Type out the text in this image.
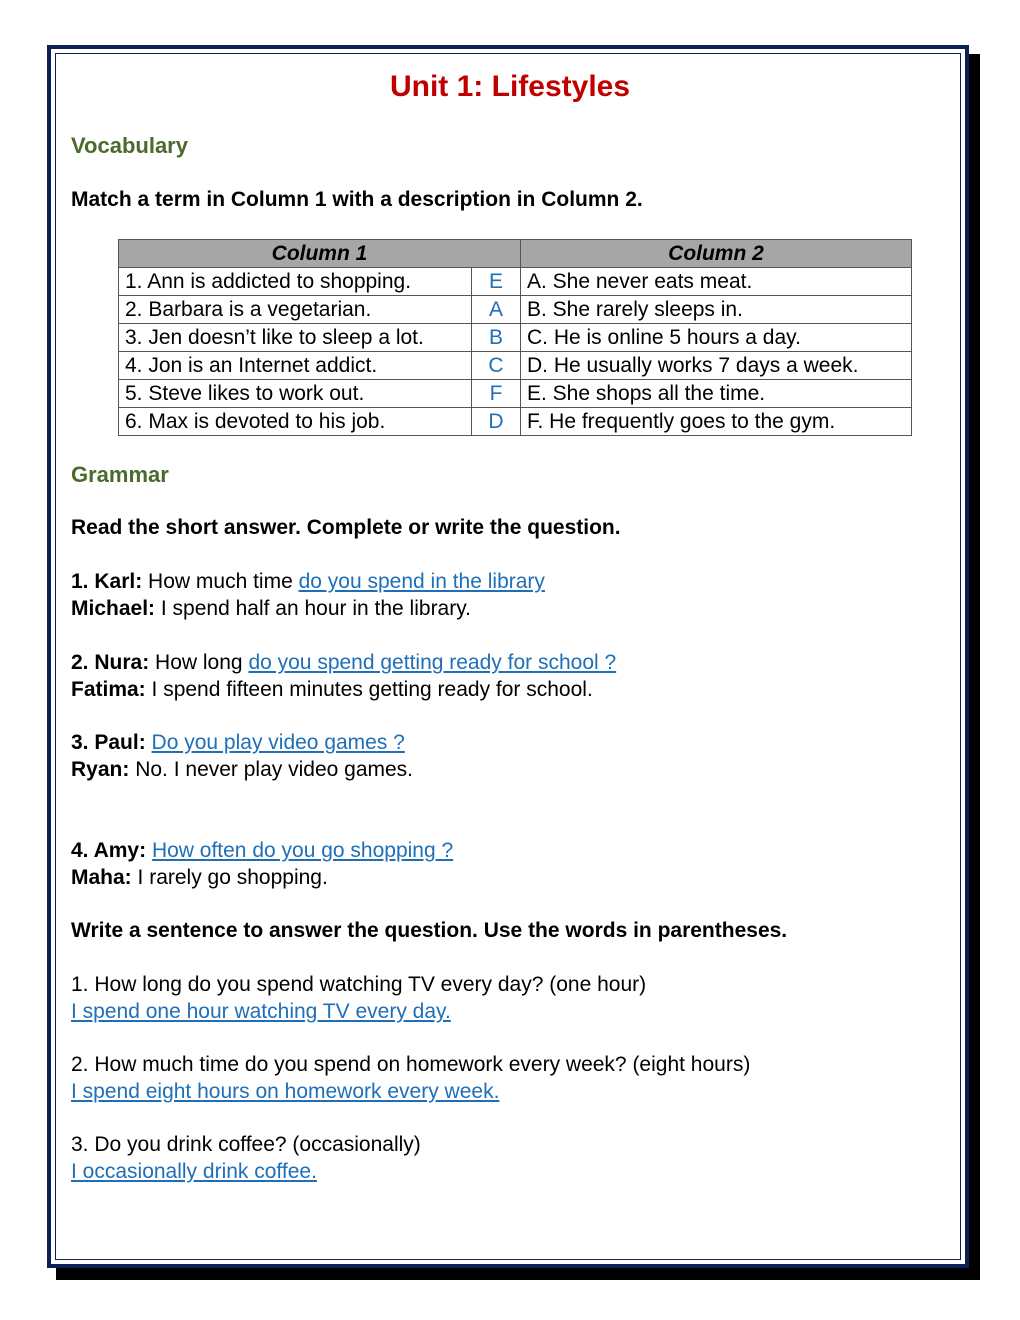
Unit 1: Lifestyles
Vocabulary
Match a term in Column 1 with a description in Column 2.
Column 1		Column 2
1. Ann is addicted to shopping.	E	A. She never eats meat.
2. Barbara is a vegetarian.	A	B. She rarely sleeps in.
3. Jen doesn’t like to sleep a lot.	B	C. He is online 5 hours a day.
4. Jon is an Internet addict.	C	D. He usually works 7 days a week.
5. Steve likes to work out.	F	E. She shops all the time.
6. Max is devoted to his job.	D	F. He frequently goes to the gym.
Grammar
Read the short answer. Complete or write the question.
1. Karl: How much time do you spend in the library
Michael: I spend half an hour in the library.
2. Nura: How long do you spend getting ready for school ?
Fatima: I spend fifteen minutes getting ready for school.
3. Paul: Do you play video games ?
Ryan: No. I never play video games.
4. Amy: How often do you go shopping ?
Maha: I rarely go shopping.
Write a sentence to answer the question. Use the words in parentheses.
1. How long do you spend watching TV every day? (one hour)
I spend one hour watching TV every day.
2. How much time do you spend on homework every week? (eight hours)
I spend eight hours on homework every week.
3. Do you drink coffee? (occasionally)
I occasionally drink coffee.
